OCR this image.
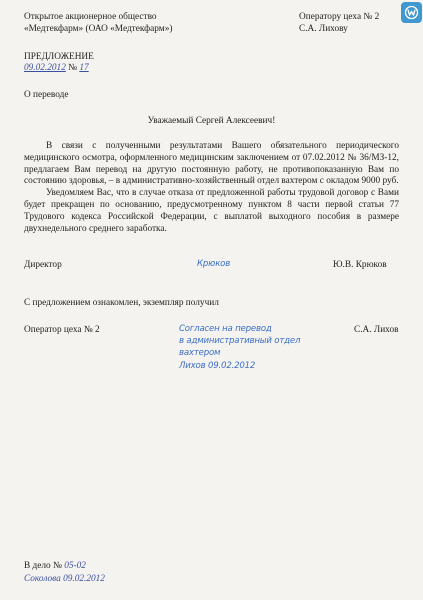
Открытое акционерное общество
«Медтекфарм» (ОАО «Медтекфарм»)
Оператору цеха № 2
С.А. Лихову
ПРЕДЛОЖЕНИЕ
09.02.2012 № 17
О переводе
Уважаемый Сергей Алексеевич!

В связи с полученными результатами Вашего обязательного периодического медицинского осмотра, оформленного медицинским заключением от 07.02.2012 № 36/МЗ-12, предлагаем Вам перевод на другую постоянную работу, не противопоказанную Вам по состоянию здоровья, – в административно-хозяйственный отдел вахтером с окладом 9000 руб.

Уведомляем Вас, что в случае отказа от предложенной работы трудовой договор с Вами будет прекращен по основанию, предусмотренному пунктом 8 части первой статьи 77 Трудового кодекса Российской Федерации, с выплатой выходного пособия в размере двухнедельного среднего заработка.

Директор	Крюков	Ю.В. Крюков
С предложением ознакомлен, экземпляр получил
Оператор цеха № 2	С.А. Лихов
Согласен на перевод
в административный отдел
вахтером
Лихов 09.02.2012
В дело № 05-02
Соколова 09.02.2012
